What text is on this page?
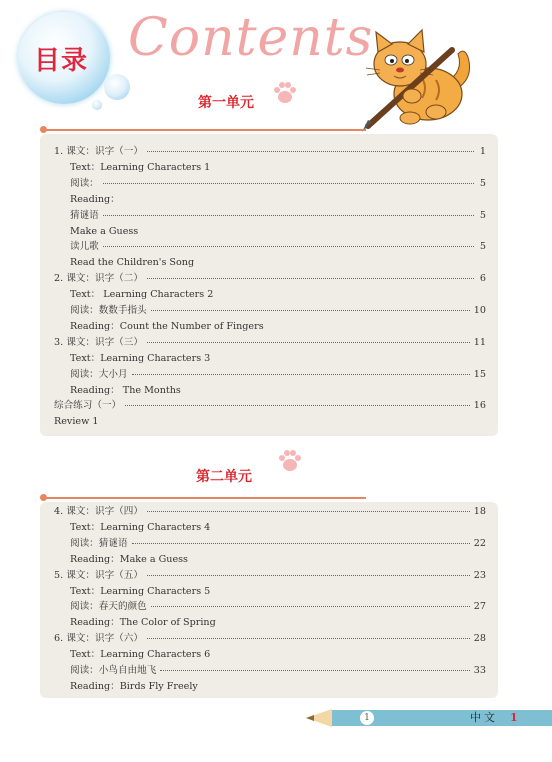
目录 Contents
第一单元
1. 课文：识字（一）	1
Text：Learning Characters 1
阅读：	5
Reading：
猜谜语	5
Make a Guess
读儿歌	5
Read the Children's Song
2. 课文：识字（二）	6
Text： Learning Characters 2
阅读：数数手指头	10
Reading：Count the Number of Fingers
3. 课文：识字（三）	11
Text：Learning Characters 3
阅读：大小月	15
Reading： The Months
综合练习（一）	16
Review 1
第二单元
4. 课文：识字（四）	18
Text：Learning Characters 4
阅读：猜谜语	22
Reading：Make a Guess
5. 课文：识字（五）	23
Text：Learning Characters 5
阅读：春天的颜色	27
Reading：The Color of Spring
6. 课文：识字（六）	28
Text：Learning Characters 6
阅读：小鸟自由地飞	33
Reading：Birds Fly Freely
1	中文 1
